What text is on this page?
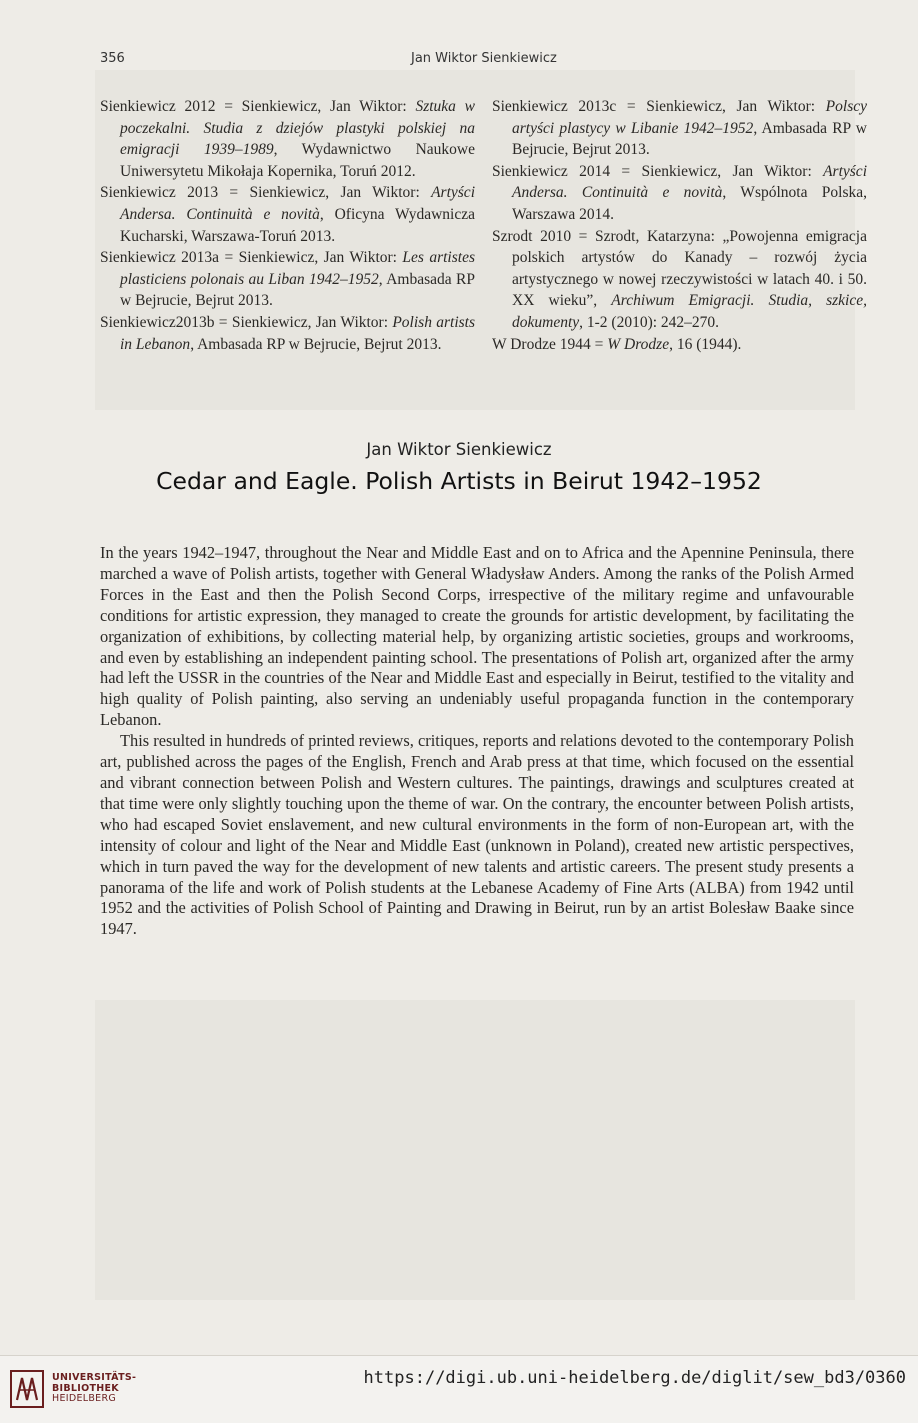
356	Jan Wiktor Sienkiewicz

Sienkiewicz 2012 = Sienkiewicz, Jan Wiktor: Sztuka w poczekalni. Studia z dziejów plastyki polskiej na emigracji 1939–1989, Wydawnictwo Naukowe Uniwersytetu Mikołaja Kopernika, Toruń 2012.

Sienkiewicz 2013 = Sienkiewicz, Jan Wiktor: Artyści Andersa. Continuità e novità, Oficyna Wydawnicza Kucharski, Warszawa-Toruń 2013.

Sienkiewicz 2013a = Sienkiewicz, Jan Wiktor: Les artistes plasticiens polonais au Liban 1942–1952, Ambasada RP w Bejrucie, Bejrut 2013.

Sienkiewicz2013b = Sienkiewicz, Jan Wiktor: Polish artists in Lebanon, Ambasada RP w Bejrucie, Bejrut 2013.

Sienkiewicz 2013c = Sienkiewicz, Jan Wiktor: Polscy artyści plastycy w Libanie 1942–1952, Ambasada RP w Bejrucie, Bejrut 2013.

Sienkiewicz 2014 = Sienkiewicz, Jan Wiktor: Artyści Andersa. Continuità e novità, Wspólnota Polska, Warszawa 2014.

Szrodt 2010 = Szrodt, Katarzyna: „Powojenna emigracja polskich artystów do Kanady – rozwój życia artystycznego w nowej rzeczywistości w latach 40. i 50. XX wieku”, Archiwum Emigracji. Studia, szkice, dokumenty, 1-2 (2010): 242–270.

W Drodze 1944 = W Drodze, 16 (1944).

Jan Wiktor Sienkiewicz
Cedar and Eagle. Polish Artists in Beirut 1942–1952

In the years 1942–1947, throughout the Near and Middle East and on to Africa and the Apennine Peninsula, there marched a wave of Polish artists, together with General Władysław Anders. Among the ranks of the Polish Armed Forces in the East and then the Polish Second Corps, irrespective of the military regime and unfavourable conditions for artistic expression, they managed to create the grounds for artistic development, by facilitating the organization of exhibitions, by collecting material help, by organizing artistic societies, groups and workrooms, and even by establishing an independent painting school. The presentations of Polish art, organized after the army had left the USSR in the countries of the Near and Middle East and especially in Beirut, testified to the vitality and high quality of Polish painting, also serving an undeniably useful propaganda function in the contemporary Lebanon.

This resulted in hundreds of printed reviews, critiques, reports and relations devoted to the contemporary Polish art, published across the pages of the English, French and Arab press at that time, which focused on the essential and vibrant connection between Polish and Western cultures. The paintings, drawings and sculptures created at that time were only slightly touching upon the theme of war. On the contrary, the encounter between Polish artists, who had escaped Soviet enslavement, and new cultural environments in the form of non-European art, with the intensity of colour and light of the Near and Middle East (unknown in Poland), created new artistic perspectives, which in turn paved the way for the development of new talents and artistic careers. The present study presents a panorama of the life and work of Polish students at the Lebanese Academy of Fine Arts (ALBA) from 1942 until 1952 and the activities of Polish School of Painting and Drawing in Beirut, run by an artist Bolesław Baake since 1947.

UNIVERSITÄTS-
BIBLIOTHEK
HEIDELBERG
https://digi.ub.uni-heidelberg.de/diglit/sew_bd3/0360
